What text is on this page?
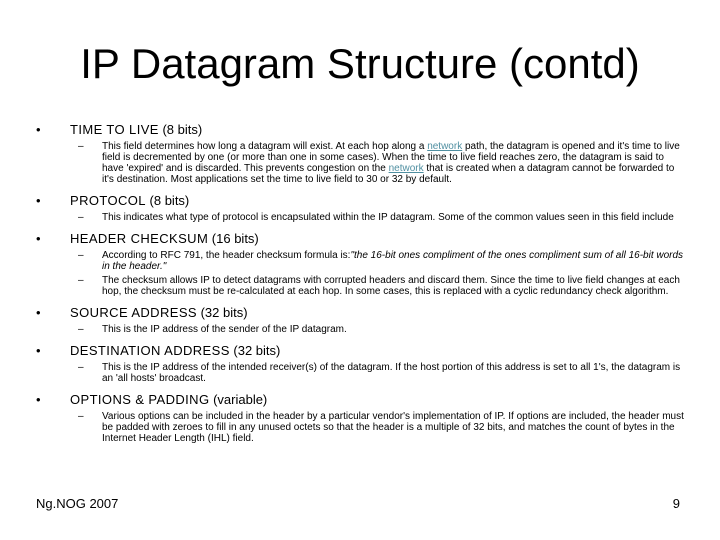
IP Datagram Structure (contd)
•	TIME TO LIVE (8 bits)
– This field determines how long a datagram will exist. At each hop along a network path, the datagram is opened and it's time to live field is decremented by one (or more than one in some cases). When the time to live field reaches zero, the datagram is said to have 'expired' and is discarded. This prevents congestion on the network that is created when a datagram cannot be forwarded to it's destination. Most applications set the time to live field to 30 or 32 by default.
•	PROTOCOL (8 bits)
– This indicates what type of protocol is encapsulated within the IP datagram. Some of the common values seen in this field include
•	HEADER CHECKSUM (16 bits)
– According to RFC 791, the header checksum formula is:"the 16-bit ones compliment of the ones compliment sum of all 16-bit words in the header."
– The checksum allows IP to detect datagrams with corrupted headers and discard them. Since the time to live field changes at each hop, the checksum must be re-calculated at each hop. In some cases, this is replaced with a cyclic redundancy check algorithm.
•	SOURCE ADDRESS (32 bits)
– This is the IP address of the sender of the IP datagram.
•	DESTINATION ADDRESS (32 bits)
– This is the IP address of the intended receiver(s) of the datagram. If the host portion of this address is set to all 1's, the datagram is an 'all hosts' broadcast.
•	OPTIONS & PADDING (variable)
– Various options can be included in the header by a particular vendor's implementation of IP. If options are included, the header must be padded with zeroes to fill in any unused octets so that the header is a multiple of 32 bits, and matches the count of bytes in the Internet Header Length (IHL) field.
Ng.NOG 2007	9
